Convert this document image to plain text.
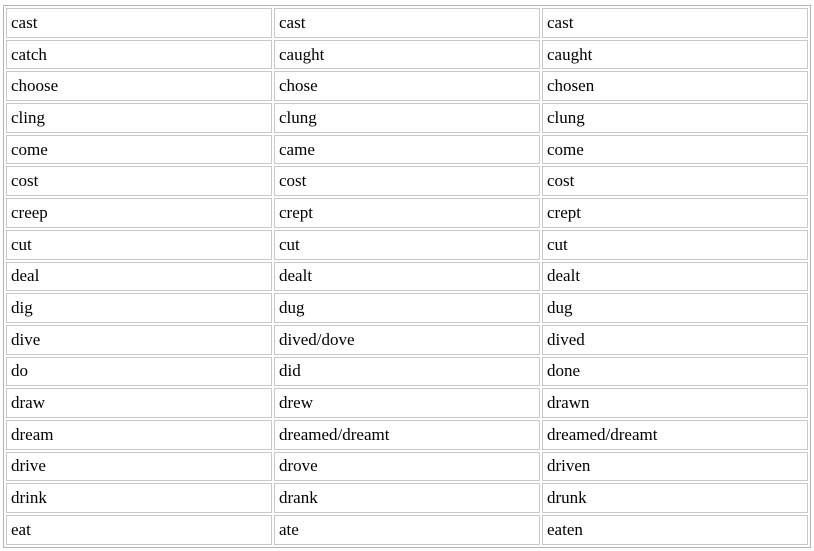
cast	cast	cast
catch	caught	caught
choose	chose	chosen
cling	clung	clung
come	came	come
cost	cost	cost
creep	crept	crept
cut	cut	cut
deal	dealt	dealt
dig	dug	dug
dive	dived/dove	dived
do	did	done
draw	drew	drawn
dream	dreamed/dreamt	dreamed/dreamt
drive	drove	driven
drink	drank	drunk
eat	ate	eaten
